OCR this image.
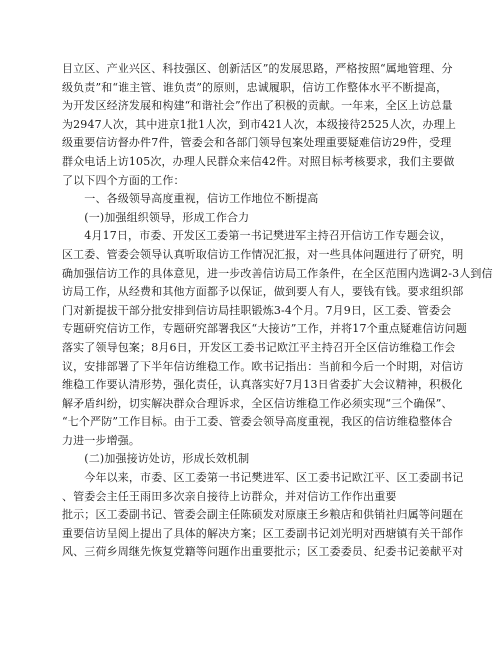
目立区、产业兴区、科技强区、创新活区”的发展思路，严格按照“属地管理、分
级负责”和“谁主管、谁负责”的原则，忠诚履职，信访工作整体水平不断提高，
为开发区经济发展和构建“和谐社会”作出了积极的贡献。一年来，全区上访总量
为2947人次，其中进京1批1人次，到市421人次，本级接待2525人次，办理上
级重要信访督办件7件，管委会和各部门领导包案处理重要疑难信访29件，受理
群众电话上访105次，办理人民群众来信42件。对照目标考核要求，我们主要做
了以下四个方面的工作：
　　一、各级领导高度重视，信访工作地位不断提高
　　(一)加强组织领导，形成工作合力
　　4月17日，市委、开发区工委第一书记樊进军主持召开信访工作专题会议，
区工委、管委会领导认真听取信访工作情况汇报，对一些具体问题进行了研究，明
确加强信访工作的具体意见，进一步改善信访局工作条件，在全区范围内选调2-3人到信
访局工作，从经费和其他方面都予以保证，做到要人有人，要钱有钱。要求组织部
门对新提拔干部分批安排到信访局挂职锻炼3-4个月。7月9日，区工委、管委会
专题研究信访工作，专题研究部署我区“大接访”工作，并将17个重点疑难信访问题
落实了领导包案；8月6日，开发区工委书记欧江平主持召开全区信访维稳工作会
议，安排部署了下半年信访维稳工作。欧书记指出：当前和今后一个时期，对信访
维稳工作要认清形势，强化责任，认真落实好7月13日省委扩大会议精神，积极化
解矛盾纠纷，切实解决群众合理诉求，全区信访维稳工作必须实现“三个确保”、
“七个严防”工作目标。由于工委、管委会领导高度重视，我区的信访维稳整体合
力进一步增强。
　　(二)加强接访处访，形成长效机制
　　今年以来，市委、区工委第一书记樊进军、区工委书记欧江平、区工委副书记
、管委会主任王雨田多次亲自接待上访群众，并对信访工作作出重要
批示；区工委副书记、管委会副主任陈硕发对原康王乡粮店和供销社归属等问题在
重要信访呈阅上提出了具体的解决方案；区工委副书记刘光明对西塘镇有关干部作
风、三荷乡周继先恢复党籍等问题作出重要批示；区工委委员、纪委书记姜献平对
